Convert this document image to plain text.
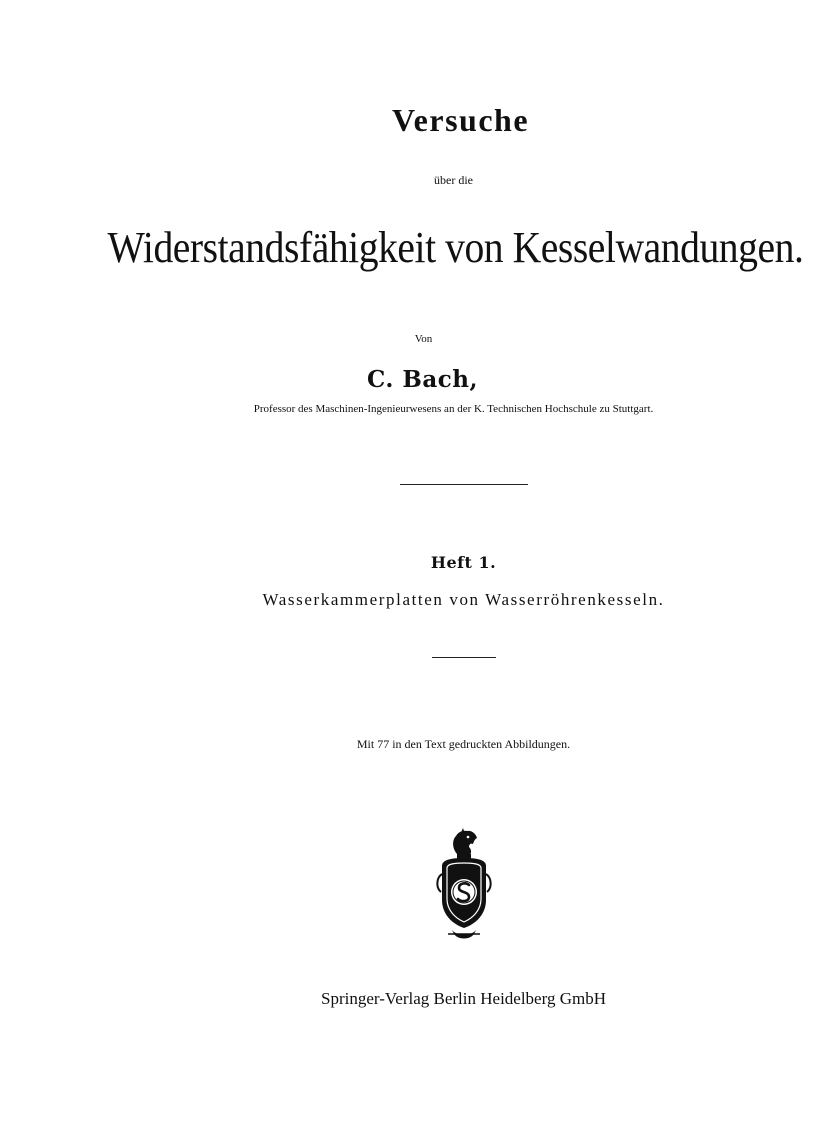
Versuche
über die
Widerstandsfähigkeit von Kesselwandungen.
Von
C. Bach,
Professor des Maschinen-Ingenieurwesens an der K. Technischen Hochschule zu Stuttgart.
Heft 1.
Wasserkammerplatten von Wasserröhrenkesseln.
Mit 77 in den Text gedruckten Abbildungen.
Springer-Verlag Berlin Heidelberg GmbH
